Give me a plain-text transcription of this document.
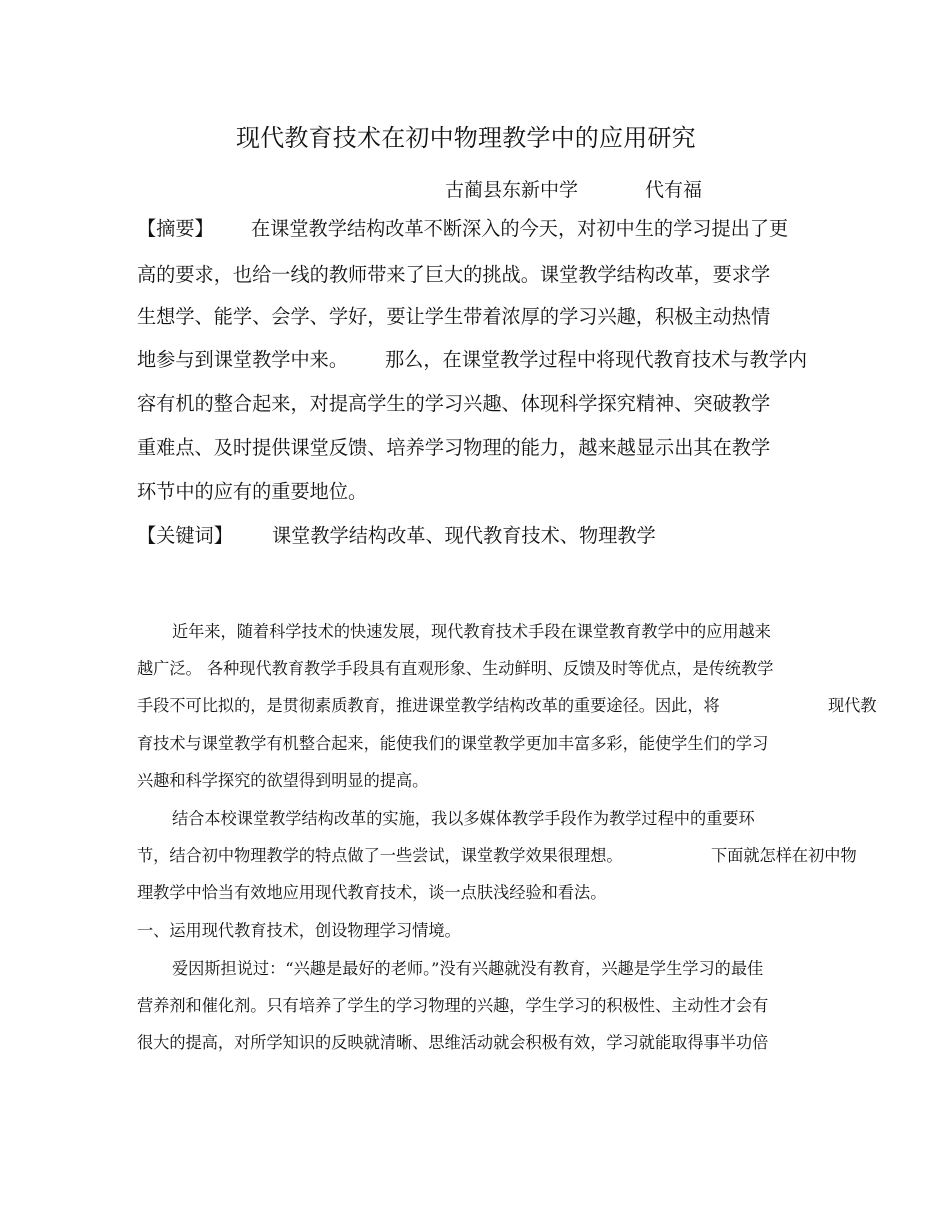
现代教育技术在初中物理教学中的应用研究
古蔺县东新中学	代有福
【摘要】 在课堂教学结构改革不断深入的今天，对初中生的学习提出了更
高的要求，也给一线的教师带来了巨大的挑战。课堂教学结构改革，要求学
生想学、能学、会学、学好，要让学生带着浓厚的学习兴趣，积极主动热情
地参与到课堂教学中来。 那么，在课堂教学过程中将现代教育技术与教学内
容有机的整合起来，对提高学生的学习兴趣、体现科学探究精神、突破教学
重难点、及时提供课堂反馈、培养学习物理的能力，越来越显示出其在教学
环节中的应有的重要地位。
【关键词】 课堂教学结构改革、现代教育技术、物理教学
近年来，随着科学技术的快速发展，现代教育技术手段在课堂教育教学中的应用越来
越广泛。 各种现代教育教学手段具有直观形象、生动鲜明、反馈及时等优点，是传统教学
手段不可比拟的，是贯彻素质教育，推进课堂教学结构改革的重要途径。因此，将	现代教
育技术与课堂教学有机整合起来，能使我们的课堂教学更加丰富多彩，能使学生们的学习
兴趣和科学探究的欲望得到明显的提高。
结合本校课堂教学结构改革的实施，我以多媒体教学手段作为教学过程中的重要环
节，结合初中物理教学的特点做了一些尝试，课堂教学效果很理想。	下面就怎样在初中物
理教学中恰当有效地应用现代教育技术，谈一点肤浅经验和看法。
一、运用现代教育技术，创设物理学习情境。
爱因斯担说过：“兴趣是最好的老师。”没有兴趣就没有教育，兴趣是学生学习的最佳
营养剂和催化剂。只有培养了学生的学习物理的兴趣，学生学习的积极性、主动性才会有
很大的提高，对所学知识的反映就清晰、思维活动就会积极有效，学习就能取得事半功倍
